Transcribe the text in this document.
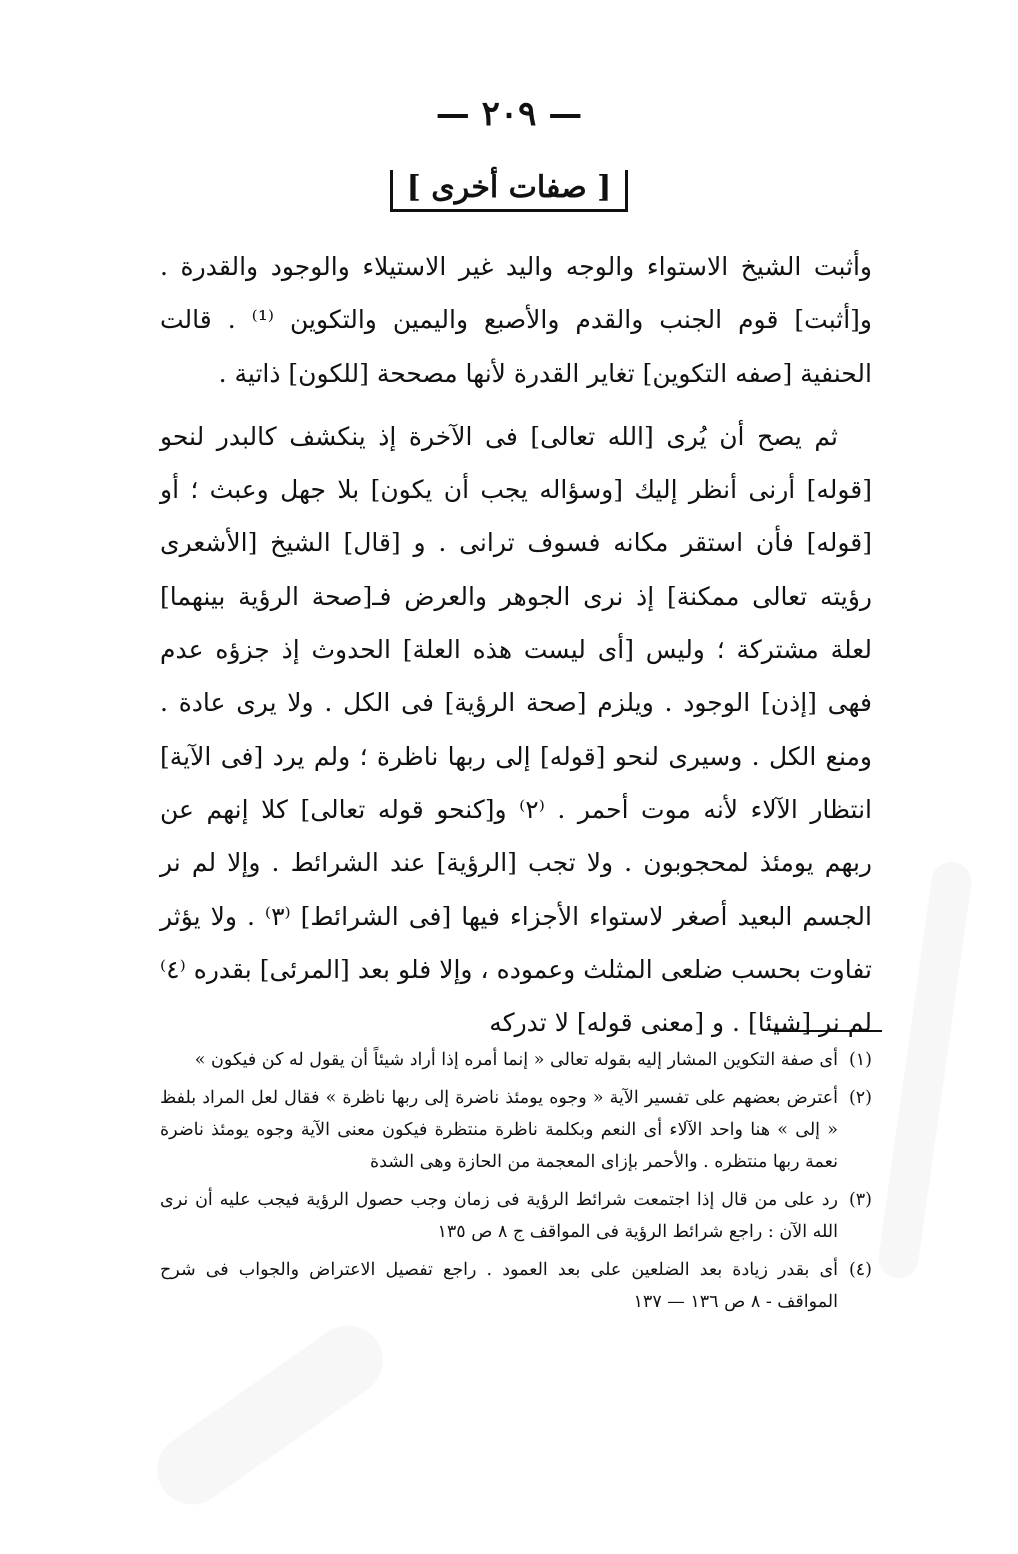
— ٢٠٩ —
[ صفات أخرى ]

وأثبت الشيخ الاستواء والوجه واليد غير الاستيلاء والوجود والقدرة . و[أثبت] قوم الجنب والقدم والأصبع واليمين والتكوين ⁽¹⁾ . قالت الحنفية [صفه التكوين] تغاير القدرة لأنها مصححة [للكون] ذاتية .

ثم يصح أن يُرى [الله تعالى] فى الآخرة إذ ينكشف كالبدر لنحو [قوله] أرنى أنظر إليك [وسؤاله يجب أن يكون] بلا جهل وعبث ؛ أو [قوله] فأن استقر مكانه فسوف ترانى . و [قال] الشيخ [الأشعرى رؤيته تعالى ممكنة] إذ نرى الجوهر والعرض فـ[صحة الرؤية بينهما] لعلة مشتركة ؛ وليس [أى ليست هذه العلة] الحدوث إذ جزؤه عدم فهى [إذن] الوجود . ويلزم [صحة الرؤية] فى الكل . ولا يرى عادة . ومنع الكل . وسيرى لنحو [قوله] إلى ربها ناظرة ؛ ولم يرد [فى الآية] انتظار الآلاء لأنه موت أحمر . ⁽٢⁾ و[كنحو قوله تعالى] كلا إنهم عن ربهم يومئذ لمحجوبون . ولا تجب [الرؤية] عند الشرائط . وإلا لم نر الجسم البعيد أصغر لاستواء الأجزاء فيها [فى الشرائط] ⁽٣⁾ . ولا يؤثر تفاوت بحسب ضلعى المثلث وعموده ، وإلا فلو بعد [المرئى] بقدره ⁽٤⁾ لم نر [شيئا] . و [معنى قوله] لا تدركه

(١)
أى صفة التكوين المشار إليه بقوله تعالى « إنما أمره إذا أراد شيئاً أن يقول له كن فيكون »
(٢)
أعترض بعضهم على تفسير الآية « وجوه يومئذ ناضرة إلى ربها ناظرة » فقال لعل المراد بلفظ « إلى » هنا واحد الآلاء أى النعم وبكلمة ناظرة منتظرة فيكون معنى الآية وجوه يومئذ ناضرة نعمة ربها منتظره . والأحمر بإزاى المعجمة من الحازة وهى الشدة
(٣)
رد على من قال إذا اجتمعت شرائط الرؤية فى زمان وجب حصول الرؤية فيجب عليه أن نرى الله الآن : راجع شرائط الرؤية فى المواقف ج ٨ ص ١٣٥
(٤)
أى بقدر زيادة بعد الضلعين على بعد العمود . راجع تفصيل الاعتراض والجواب فى شرح المواقف - ٨ ص ١٣٦ — ١٣٧
